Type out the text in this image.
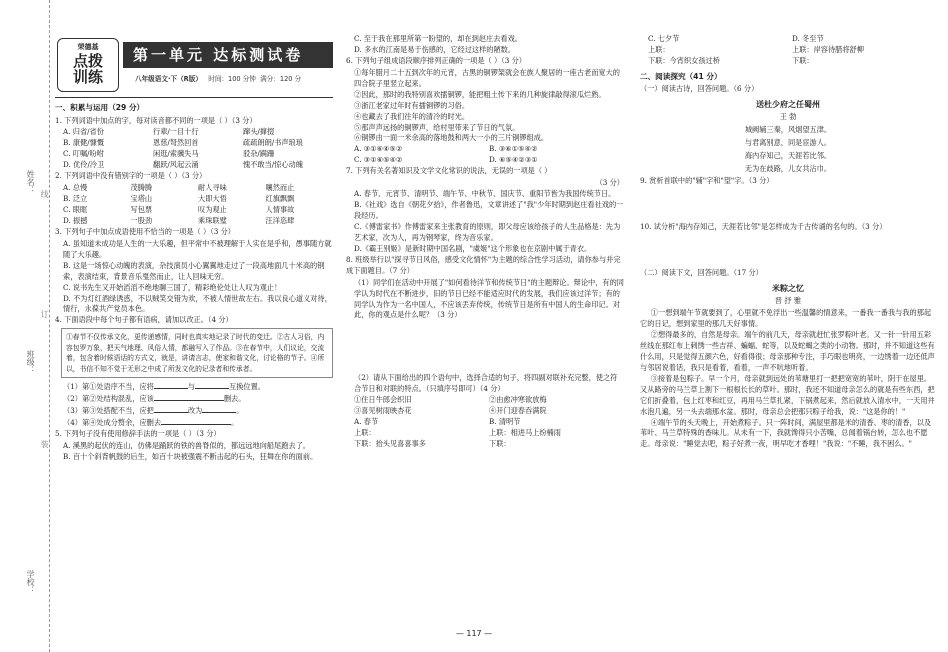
姓名：
班级：
学校：
线
订
装
荣德基
点拨
训练
第一单元 达标测试卷
八年级语文·下（R版） 时间：100 分钟 满分：120 分
一、积累与运用（29 分）
1. 下列词语中加点的字，每对读音都不同的一项是（ ）（3 分）
A. 归省/省份	行辈/一目十行	蹿头/撺掇
B. 康健/慷慨	恩慈/弩然回首	疏疏朗朗/书声琅琅
C. 叮嘱/吩咐	闲逛/索骥失马	驳杂/蹒跚
D. 优伶/冷卫	翻跃/风起云涌	愧不敢当/惊心动魄
2. 下列词语中没有错别字的一项是（ ）（3 分）
A. 总慢	茂腾腾	耐人寻味	嚷然而止
B. 泛立	宝塔山	大即大悟	红旗飘飘
C. 眼眶	写包票	叹为观止	人情事故
D. 振撼	一股劲	乘珠联璧	汪洋恣肆
3. 下列句子中加点成语使用不恰当的一项是（ ）（3 分）
A. 虽知道未成功是人生的一大乐趣，但平常中不被理解于人实在是乎和，愚事随方就随了大乐趣。
B. 这是一场惊心动魄的表演，杂技演员小心翼翼地走过了一段高地面几十米高的钢索，表演结束，背景音乐戛然而止，让人回味无穷。
C. 说书先生又开始滔滔不绝地聊三国了，精彩绝伦处让人叹为观止！
D. 不为灯红酒绿诱惑，不以贼笑交错为欢，不被人情世故左右。我以良心道义对待，情行，永葆共产党员本色。
4. 下面语段中每个句子都有语病，请加以改正。（4 分）
①春节不仅传承文化，更传递感情，同时也真实地记录了时代的变迁。②古人习俗，内容包罗万象，把天气地理、风俗人情，都融写入了作品。③在春节中，人们议论，交流着，包含着时候语话的方式文，就是，讲请言志，使家和谐文化，讨论格的节子。④所以，书信不知不觉于无形之中成了所发文化的记录者和传承者。
（1）第①处语序不当，应将	与	互换位置。
（2）第②处结构混乱，应该	删去。
（3）第③处搭配不当，应把	改为	。
（4）第④处成分赘余，应删去	。
5. 下列句子没有使用修辞手法的一项是（ ）（3 分）
A. 溪黑的起伏的连山，仿佛是踊跃的铁的兽脊似的，都远远地向船尾跑去了。
B. 百十个斜背帆鼓的后生，如百十块被强震不断击起的石头，狂舞在你的面前。
C. 至于我在那里所第一盼望的，却在到赵庄去看戏。
D. 多水的江南是易于伤感的，它经过这样的陋数。
6. 下列句子组成语段顺序排列正确的一项是（ ）（3 分）
①每年腊月二十五到次年的元宵，古黑的铜锣架就会在族人聚居的一座古老而宽大的四合院子里竖立起来。
②因此，那时的我特别喜欢擂铜锣，能把粗土传下来的几种旋律敲得滚瓜烂熟。
③浙江老家过年时有擂铜锣的习俗。
④也藏去了我们往年的清冷的时光。
⑤那声声远扬的铜锣声，给村里带来了节日的气氛。
⑥铜锣由一面一米余高的落地鼓和两大一小的三片铜锣组成。
A. ③①⑥④⑤②	B. ③⑥①⑤④②
C. ③①⑥⑤④②	D. ⑥⑤④②③①
7. 下列有关名著知识及文学文化常识的说法，无误的一项是（ ）
（3 分）
A. 春节、元宵节、清明节、端午节、中秋节、国庆节、重阳节皆为我国传统节日。
B.《社戏》选自《朝花夕拾》，作者鲁迅，文章讲述了"我"少年时期到赵庄看社戏的一段经历。
C.《傅雷家书》作傅雷家来主张教育的原则，即父母应该给孩子的人生品格是：先为艺术家，次为人，再为钢琴家，终为音乐家。
D.《霸王别姬》是新时期中国名剧，"虞姬"这个形象也在京剧中属于青衣。
8. 班级举行以"探寻节日风俗，感受文化情怀"为主题的综合性学习活动，请你参与并完成下面题目。（7 分）
（1）同学们在活动中开展了"如何看待洋节和传统节日"的主题辩论。辩论中，有的同学认为时代在不断进步，旧的节日已经不能适应时代的发展，我们应该过洋节；有的同学认为作为一名中国人，不应该丢弃传统，传统节日是所有中国人的生命印记。对此，你的观点是什么呢？（3 分）
（2）请从下面给出的四个语句中，选择合适的句子，将四副对联补充完整，使之符合节日和对联的特点。（只填序号即可）（4 分）
①住日牛郎会织旧	②由愈冲寒欲放梅
③喜见树雨映杏花	④开门迎春吞满院
A. 春节	B. 清明节
上联：	上联：相进马上纷楠雨
下联：抬头见喜喜事多	下联：
— 117 —
C. 七夕节	D. 冬至节
上联：	上联：岸容待腊将舒柳
下联：今宵织女孩过桥	下联：
二、阅读探究（41 分）
（一）阅读古诗，回答问题。（6 分）
送杜少府之任蜀州
王 勃
城阙辅三秦，风烟望五津。
与君离别意，同是宦游人。
海内存知己，天涯若比邻。
无为在歧路，儿女共沾巾。
9. 赏析首联中的"辅"字和"望"字。（3 分）
10. 试分析"海内存知己，天涯若比邻"是怎样成为千古传诵的名句的。（3 分）
（二）阅读下文，回答问题。（17 分）
米粽之忆
晋 抒 雅
①一想到端午节就要到了，心里就不免浮出一些温馨的情意来，一番我一番我与我的那起它的日记，想到家里的那几天好事情。
②想得最多的，自然是母亲。端午的前几天，母亲就赶忙张罗粽叶老。又一针一针用五彩丝线在那红布上刺绣一些吉祥、蝙蝠、蛇等，以及蛇蝎之类的小动物。那时，并不知道这些有什么用，只是觉得五颜六色，好看得很；母亲那种专注，手巧眼也明亮，一边绣着一边还低声与邻居说着话，我只是看着，看着，一声不吭地听着。
③接着是包粽子。早一个月，母亲就到远处的苇塘里打一把把宽宽的苇叶，阴干在屋里。又从路旁的马兰草上割下一根根长长的草叶。那时，我还不知道母亲怎么的就是有些东西，把它们折叠着，包上红枣和红豆，再用马兰草扎紧，下锅煮起来，然后就放入清水中，一天用井水泡几遍，另一头去端那水盆。那时，母亲总会把那只粽子给我，说："这是你的！"
④端午节的头天晚上，开始煮粽子。只一阵时间，满屋里都是米的清香、枣的清香，以及苇叶、马兰草特殊的香味儿。从未有一下，我就馋得只小苦嘴，总闻着锅台转，怎么也不愿走。母亲说："睡觉去吧，粽子好煮一夜，明早吃才香哩！"我说："不睡，我不困么。"
